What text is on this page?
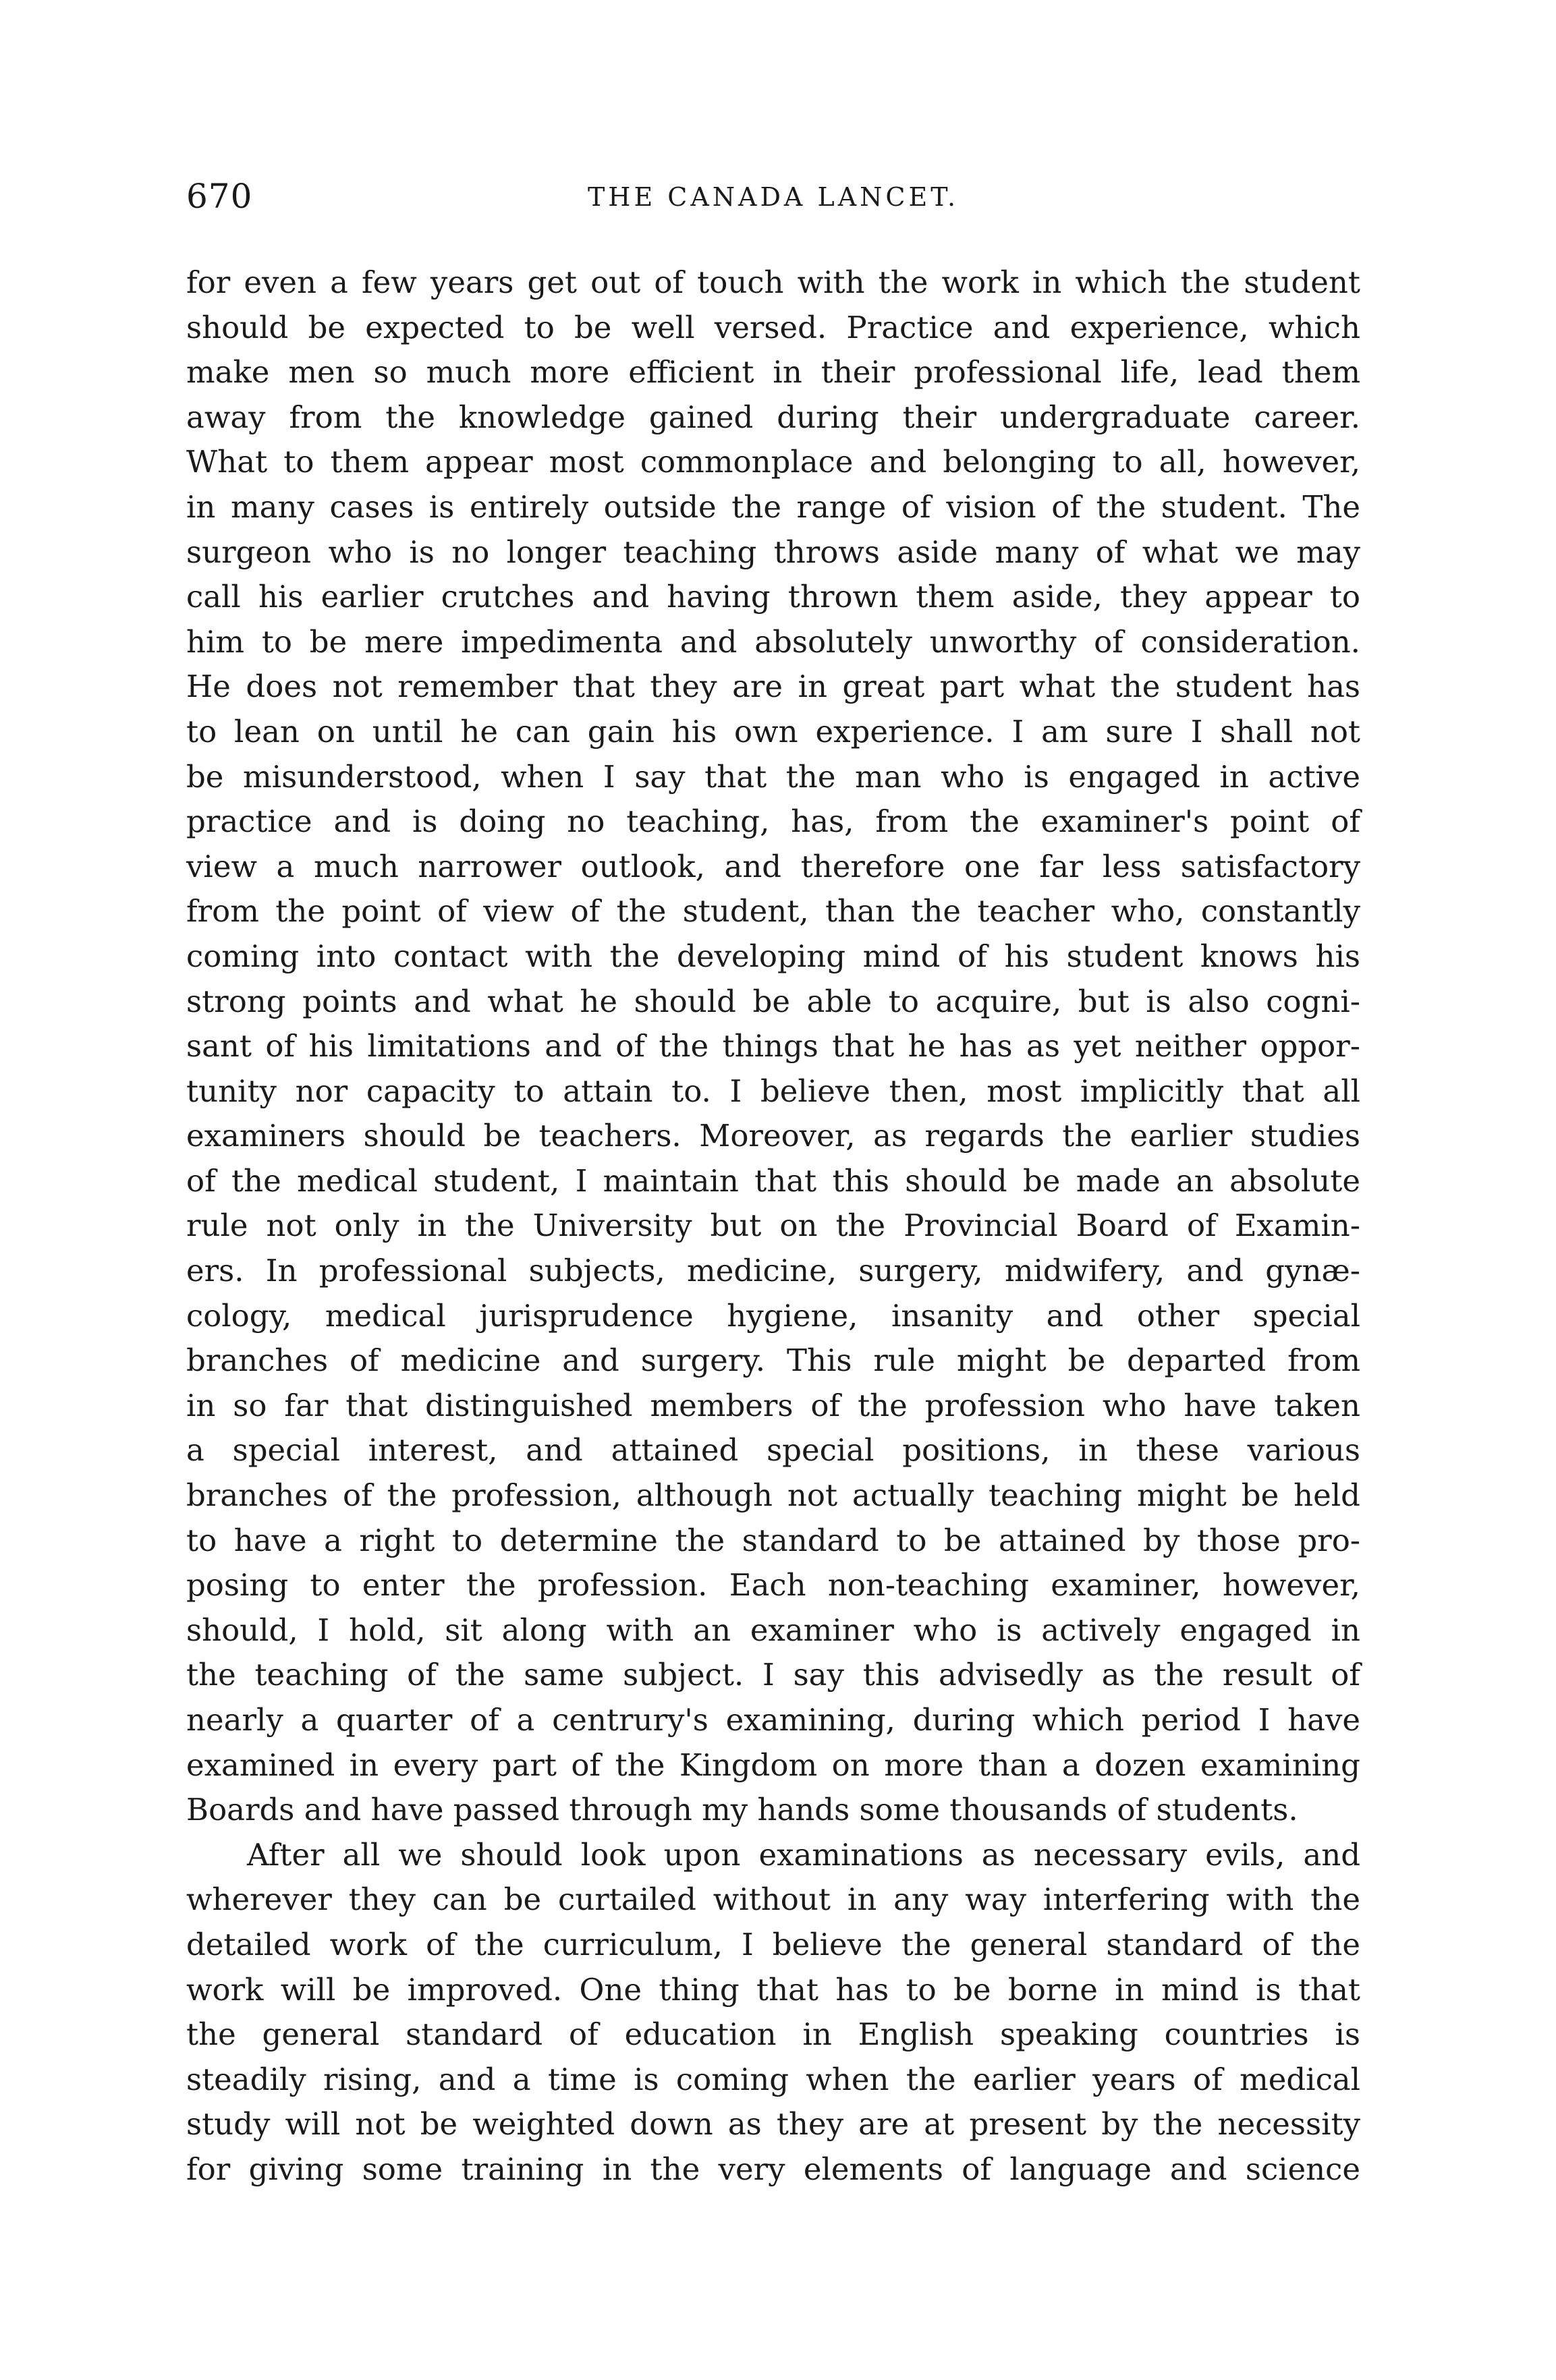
670	THE CANADA LANCET.
for even a few years get out of touch with the work in which the student
should be expected to be well versed. Practice and experience, which
make men so much more efficient in their professional life, lead them
away from the knowledge gained during their undergraduate career.
What to them appear most commonplace and belonging to all, however,
in many cases is entirely outside the range of vision of the student. The
surgeon who is no longer teaching throws aside many of what we may
call his earlier crutches and having thrown them aside, they appear to
him to be mere impedimenta and absolutely unworthy of consideration.
He does not remember that they are in great part what the student has
to lean on until he can gain his own experience. I am sure I shall not
be misunderstood, when I say that the man who is engaged in active
practice and is doing no teaching, has, from the examiner's point of
view a much narrower outlook, and therefore one far less satisfactory
from the point of view of the student, than the teacher who, constantly
coming into contact with the developing mind of his student knows his
strong points and what he should be able to acquire, but is also cogni-
sant of his limitations and of the things that he has as yet neither oppor-
tunity nor capacity to attain to. I believe then, most implicitly that all
examiners should be teachers. Moreover, as regards the earlier studies
of the medical student, I maintain that this should be made an absolute
rule not only in the University but on the Provincial Board of Examin-
ers. In professional subjects, medicine, surgery, midwifery, and gynæ-
cology, medical jurisprudence hygiene, insanity and other special
branches of medicine and surgery. This rule might be departed from
in so far that distinguished members of the profession who have taken
a special interest, and attained special positions, in these various
branches of the profession, although not actually teaching might be held
to have a right to determine the standard to be attained by those pro-
posing to enter the profession. Each non-teaching examiner, however,
should, I hold, sit along with an examiner who is actively engaged in
the teaching of the same subject. I say this advisedly as the result of
nearly a quarter of a centrury's examining, during which period I have
examined in every part of the Kingdom on more than a dozen examining
Boards and have passed through my hands some thousands of students.
After all we should look upon examinations as necessary evils, and
wherever they can be curtailed without in any way interfering with the
detailed work of the curriculum, I believe the general standard of the
work will be improved. One thing that has to be borne in mind is that
the general standard of education in English speaking countries is
steadily rising, and a time is coming when the earlier years of medical
study will not be weighted down as they are at present by the necessity
for giving some training in the very elements of language and science
